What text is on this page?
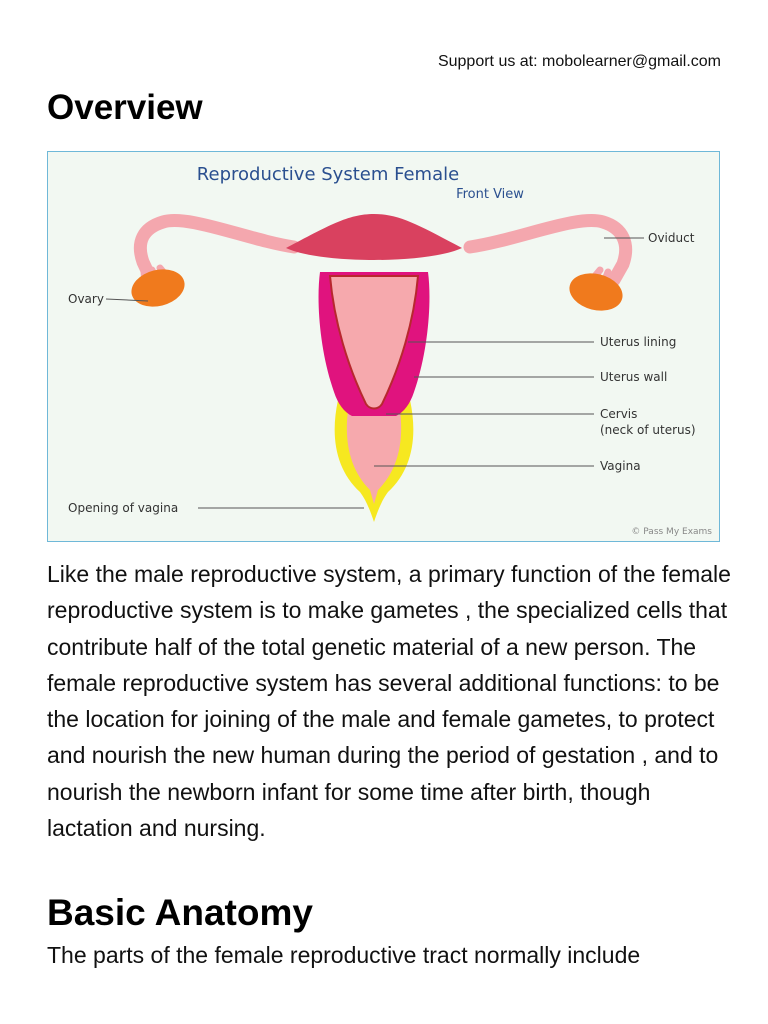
Support us at: mobolearner@gmail.com
Overview
Reproductive System Female
Front View
Ovary
Oviduct
Uterus lining
Uterus wall
Cervis
(neck of uterus)
Vagina
Opening of vagina
© Pass My Exams

Like the male reproductive system, a primary function of the female reproductive system is to make gametes , the specialized cells that contribute half of the total genetic material of a new person. The female reproductive system has several additional functions: to be the location for joining of the male and female gametes, to protect and nourish the new human during the period of gestation , and to nourish the newborn infant for some time after birth, though lactation and nursing.

Basic Anatomy

The parts of the female reproductive tract normally include
